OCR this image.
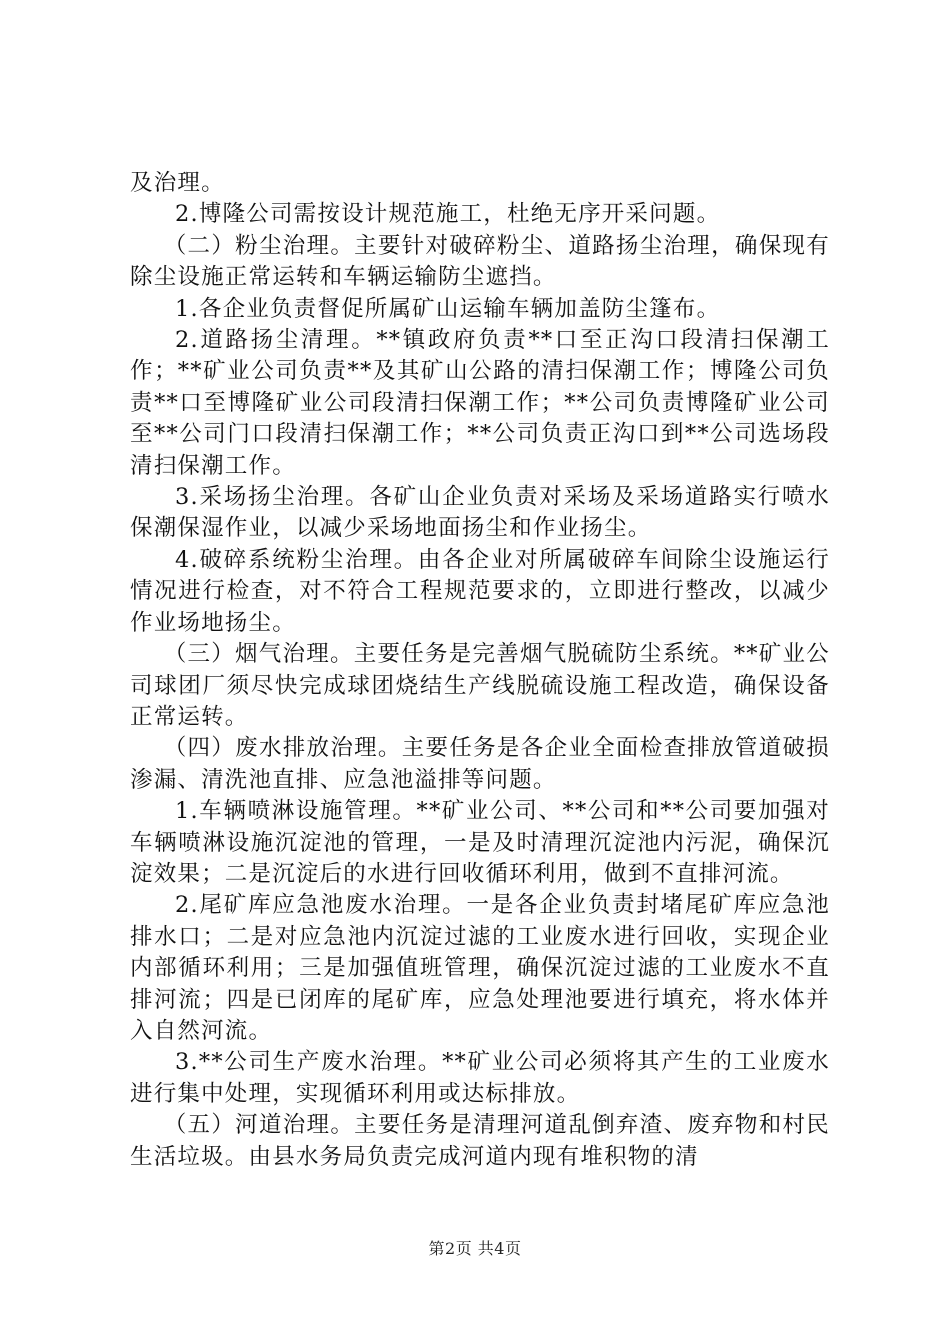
及治理。

2.博隆公司需按设计规范施工，杜绝无序开采问题。

（二）粉尘治理。主要针对破碎粉尘、道路扬尘治理，确保现有除尘设施正常运转和车辆运输防尘遮挡。

1.各企业负责督促所属矿山运输车辆加盖防尘篷布。

2.道路扬尘清理。**镇政府负责**口至正沟口段清扫保潮工作；**矿业公司负责**及其矿山公路的清扫保潮工作；博隆公司负责**口至博隆矿业公司段清扫保潮工作；**公司负责博隆矿业公司至**公司门口段清扫保潮工作；**公司负责正沟口到**公司选场段清扫保潮工作。

3.采场扬尘治理。各矿山企业负责对采场及采场道路实行喷水保潮保湿作业，以减少采场地面扬尘和作业扬尘。

4.破碎系统粉尘治理。由各企业对所属破碎车间除尘设施运行情况进行检查，对不符合工程规范要求的，立即进行整改，以减少作业场地扬尘。

（三）烟气治理。主要任务是完善烟气脱硫防尘系统。**矿业公司球团厂须尽快完成球团烧结生产线脱硫设施工程改造，确保设备正常运转。

（四）废水排放治理。主要任务是各企业全面检查排放管道破损渗漏、清洗池直排、应急池溢排等问题。

1.车辆喷淋设施管理。**矿业公司、**公司和**公司要加强对车辆喷淋设施沉淀池的管理，一是及时清理沉淀池内污泥，确保沉淀效果；二是沉淀后的水进行回收循环利用，做到不直排河流。

2.尾矿库应急池废水治理。一是各企业负责封堵尾矿库应急池排水口；二是对应急池内沉淀过滤的工业废水进行回收，实现企业内部循环利用；三是加强值班管理，确保沉淀过滤的工业废水不直排河流；四是已闭库的尾矿库，应急处理池要进行填充，将水体并入自然河流。

3.**公司生产废水治理。**矿业公司必须将其产生的工业废水进行集中处理，实现循环利用或达标排放。

（五）河道治理。主要任务是清理河道乱倒弃渣、废弃物和村民生活垃圾。由县水务局负责完成河道内现有堆积物的清

第2页 共4页
